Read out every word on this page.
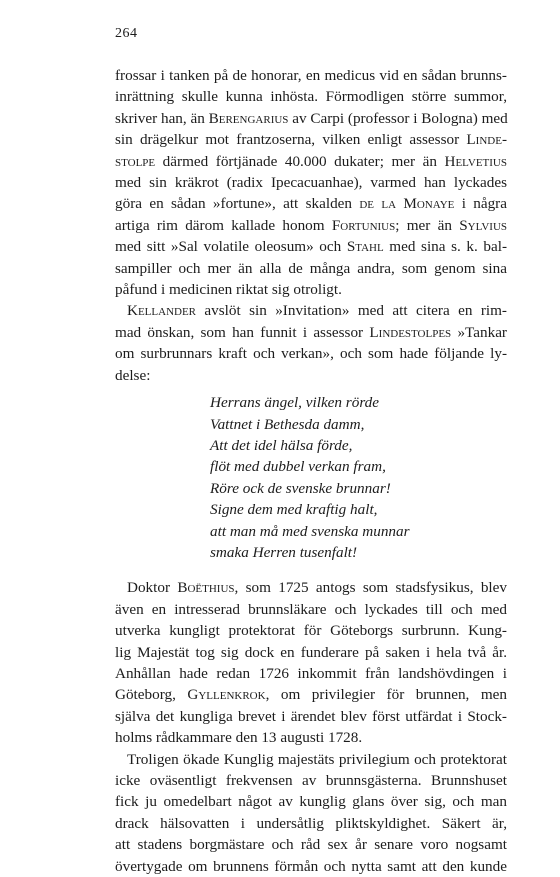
264
frossar i tanken på de honorar, en medicus vid en sådan brunns-
inrättning skulle kunna inhösta. Förmodligen större summor,
skriver han, än Berengarius av Carpi (professor i Bologna) med
sin drägelkur mot frantzoserna, vilken enligt assessor Linde-
stolpe därmed förtjänade 40.000 dukater; mer än Helvetius
med sin kräkrot (radix Ipecacuanhae), varmed han lyckades
göra en sådan »fortune», att skalden de la Monaye i några
artiga rim därom kallade honom Fortunius; mer än Sylvius
med sitt »Sal volatile oleosum» och Stahl med sina s. k. bal-
sampiller och mer än alla de många andra, som genom sina
påfund i medicinen riktat sig otroligt.
Kellander avslöt sin »Invitation» med att citera en rim-
mad önskan, som han funnit i assessor Lindestolpes »Tankar
om surbrunnars kraft och verkan», och som hade följande ly-
delse:
Herrans ängel, vilken rörde
Vattnet i Bethesda damm,
Att det idel hälsa förde,
flöt med dubbel verkan fram,
Röre ock de svenske brunnar!
Signe dem med kraftig halt,
att man må med svenska munnar
smaka Herren tusenfalt!
Doktor Boëthius, som 1725 antogs som stadsfysikus, blev
även en intresserad brunnsläkare och lyckades till och med
utverka kungligt protektorat för Göteborgs surbrunn. Kung-
lig Majestät tog sig dock en funderare på saken i hela två år.
Anhållan hade redan 1726 inkommit från landshövdingen i
Göteborg, Gyllenkrok, om privilegier för brunnen, men
själva det kungliga brevet i ärendet blev först utfärdat i Stock-
holms rådkammare den 13 augusti 1728.
Troligen ökade Kunglig majestäts privilegium och protektorat
icke oväsentligt frekvensen av brunnsgästerna. Brunnshuset
fick ju omedelbart något av kunglig glans över sig, och man
drack hälsovatten i undersåtlig pliktskyldighet. Säkert är,
att stadens borgmästare och råd sex år senare voro nogsamt
övertygade om brunnens förmån och nytta samt att den kunde
